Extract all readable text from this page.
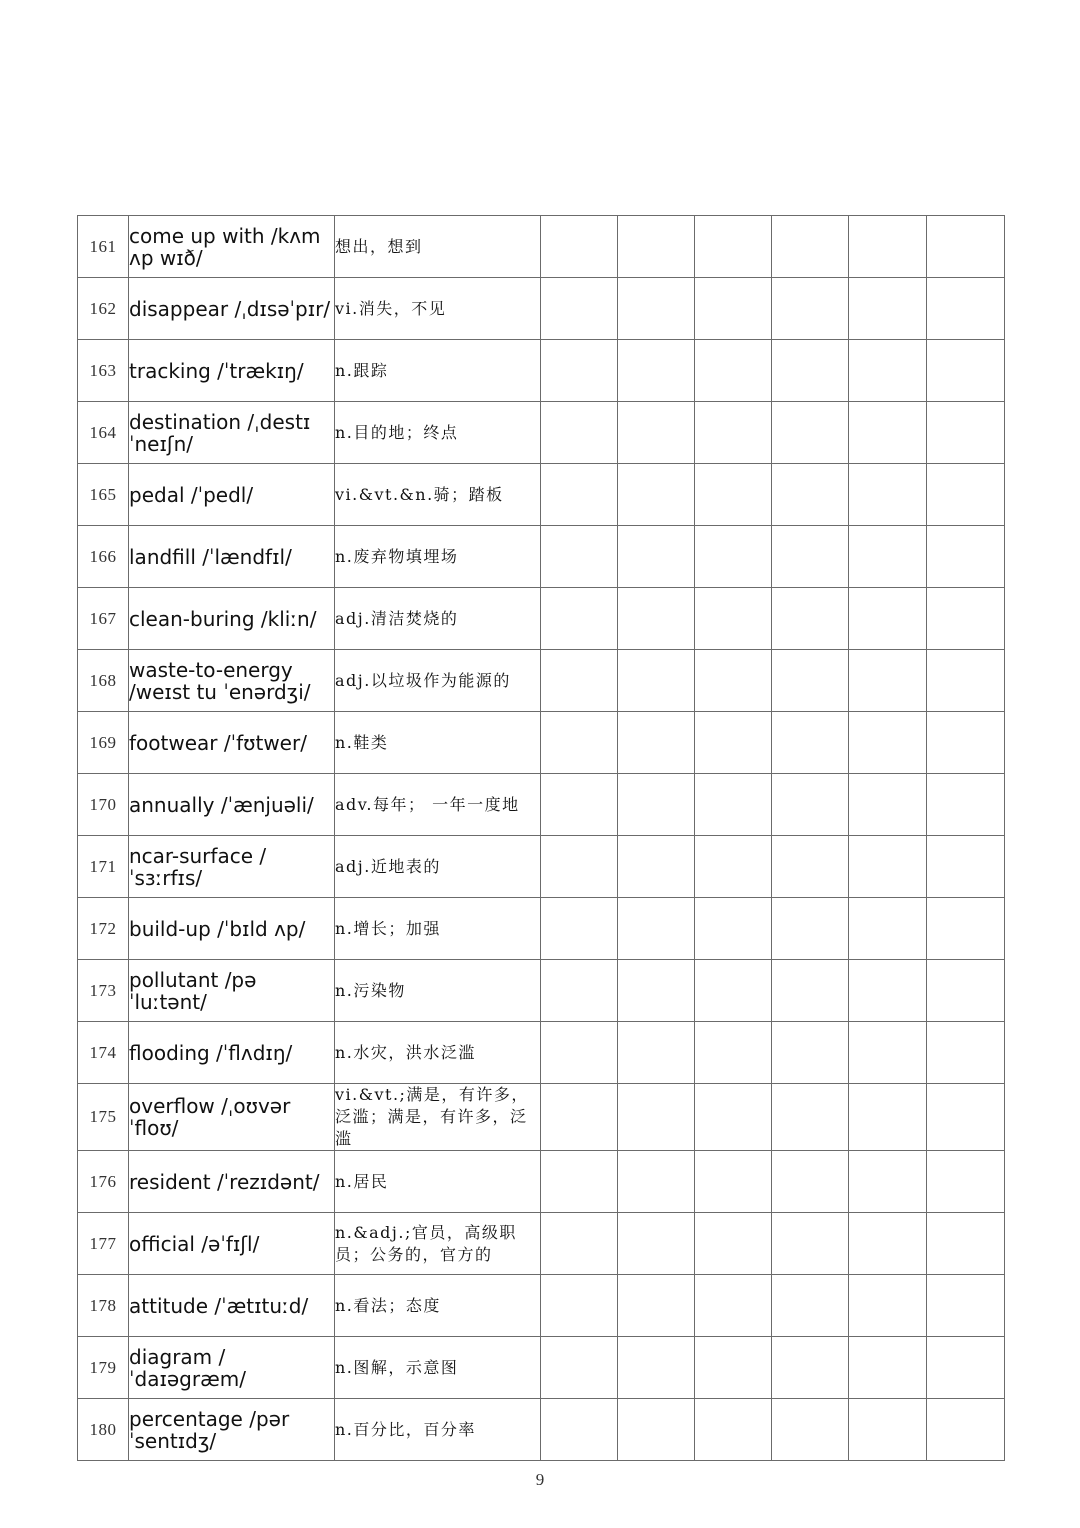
161	come up with /kʌm ʌp wɪð/	想出，想到						
162	disappear /ˌdɪsəˈpɪr/	vi.消失，不见						
163	tracking /ˈtrækɪŋ/	n.跟踪						
164	destination /ˌdestɪˈneɪʃn/	n.目的地；终点						
165	pedal /ˈpedl/	vi.&vt.&n.骑；踏板						
166	landfill /ˈlændfɪl/	n.废弃物填埋场						
167	clean-buring /kliːn/	adj.清洁焚烧的						
168	waste-to-energy /weɪst tu ˈenərdʒi/	adj.以垃圾作为能源的						
169	footwear /ˈfʊtwer/	n.鞋类						
170	annually /ˈænjuəli/	adv.每年； 一年一度地						
171	ncar-surface /ˈsɜːrfɪs/	adj.近地表的						
172	build-up /ˈbɪld ʌp/	n.增长；加强						
173	pollutant /pəˈluːtənt/	n.污染物						
174	flooding /ˈflʌdɪŋ/	n.水灾，洪水泛滥						
175	overflow /ˌoʊvərˈfloʊ/	vi.&vt.;满是，有许多，泛滥；满是，有许多，泛滥						
176	resident /ˈrezɪdənt/	n.居民						
177	official /əˈfɪʃl/	n.&adj.;官员，高级职员；公务的，官方的						
178	attitude /ˈætɪtuːd/	n.看法；态度						
179	diagram /ˈdaɪəgræm/	n.图解，示意图						
180	percentage /pərˈsentɪdʒ/	n.百分比，百分率						
9
